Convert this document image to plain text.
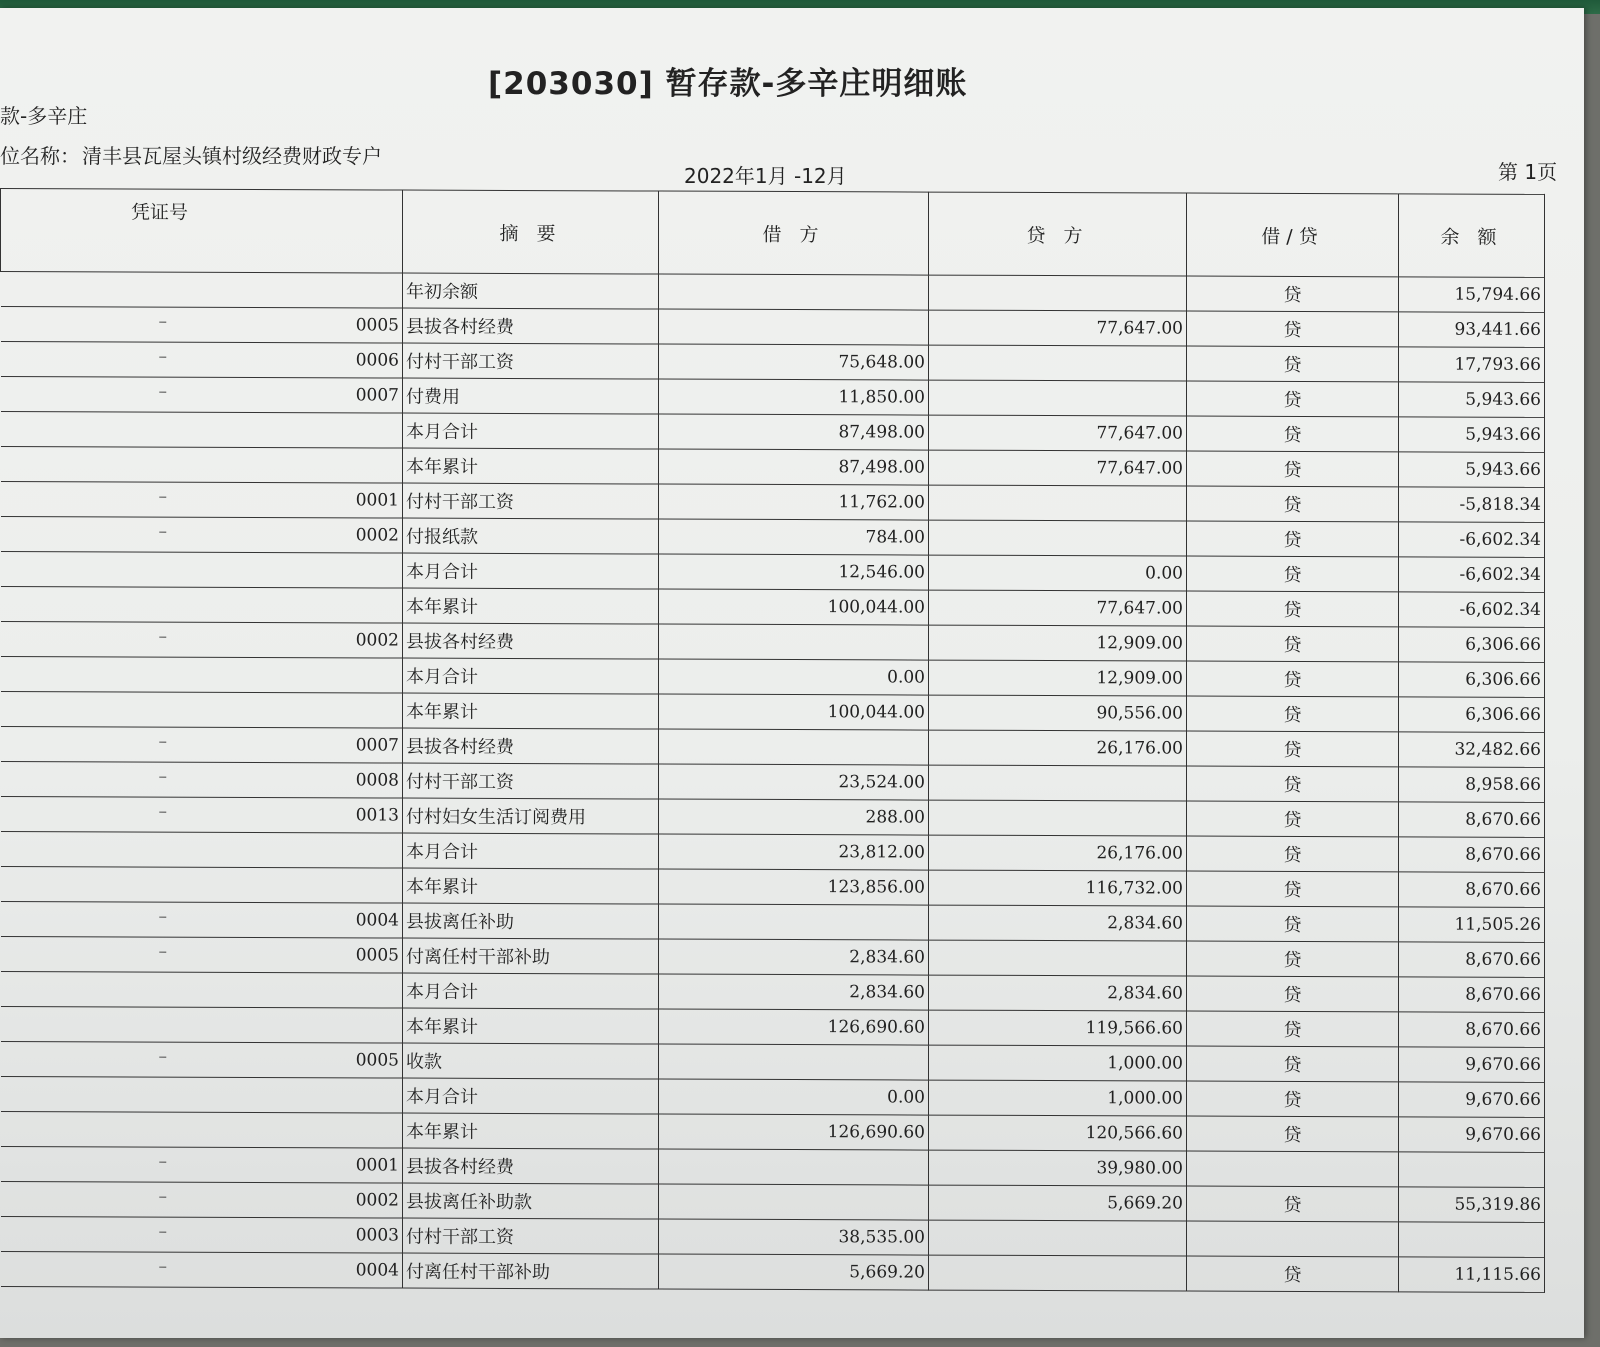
[203030] 暂存款-多辛庄明细账
款-多辛庄
位名称： 清丰县瓦屋头镇村级经费财政专户
2022年1月 -12月	第 1页
凭证号	摘 要	借 方	贷 方	借/贷	余 额

	年初余额			贷	15,794.66

– 0005	县拔各村经费		77,647.00	贷	93,441.66

– 0006	付村干部工资	75,648.00		贷	17,793.66

– 0007	付费用	11,850.00		贷	5,943.66

	本月合计	87,498.00	77,647.00	贷	5,943.66

	本年累计	87,498.00	77,647.00	贷	5,943.66

– 0001	付村干部工资	11,762.00		贷	-5,818.34

– 0002	付报纸款	784.00		贷	-6,602.34

	本月合计	12,546.00	0.00	贷	-6,602.34

	本年累计	100,044.00	77,647.00	贷	-6,602.34

– 0002	县拔各村经费		12,909.00	贷	6,306.66

	本月合计	0.00	12,909.00	贷	6,306.66

	本年累计	100,044.00	90,556.00	贷	6,306.66

– 0007	县拔各村经费		26,176.00	贷	32,482.66

– 0008	付村干部工资	23,524.00		贷	8,958.66

– 0013	付村妇女生活订阅费用	288.00		贷	8,670.66

	本月合计	23,812.00	26,176.00	贷	8,670.66

	本年累计	123,856.00	116,732.00	贷	8,670.66

– 0004	县拔离任补助		2,834.60	贷	11,505.26

– 0005	付离任村干部补助	2,834.60		贷	8,670.66

	本月合计	2,834.60	2,834.60	贷	8,670.66

	本年累计	126,690.60	119,566.60	贷	8,670.66

– 0005	收款		1,000.00	贷	9,670.66

	本月合计	0.00	1,000.00	贷	9,670.66

	本年累计	126,690.60	120,566.60	贷	9,670.66

– 0001	县拔各村经费		39,980.00		

– 0002	县拔离任补助款		5,669.20	贷	55,319.86

– 0003	付村干部工资	38,535.00			

– 0004	付离任村干部补助	5,669.20		贷	11,115.66
